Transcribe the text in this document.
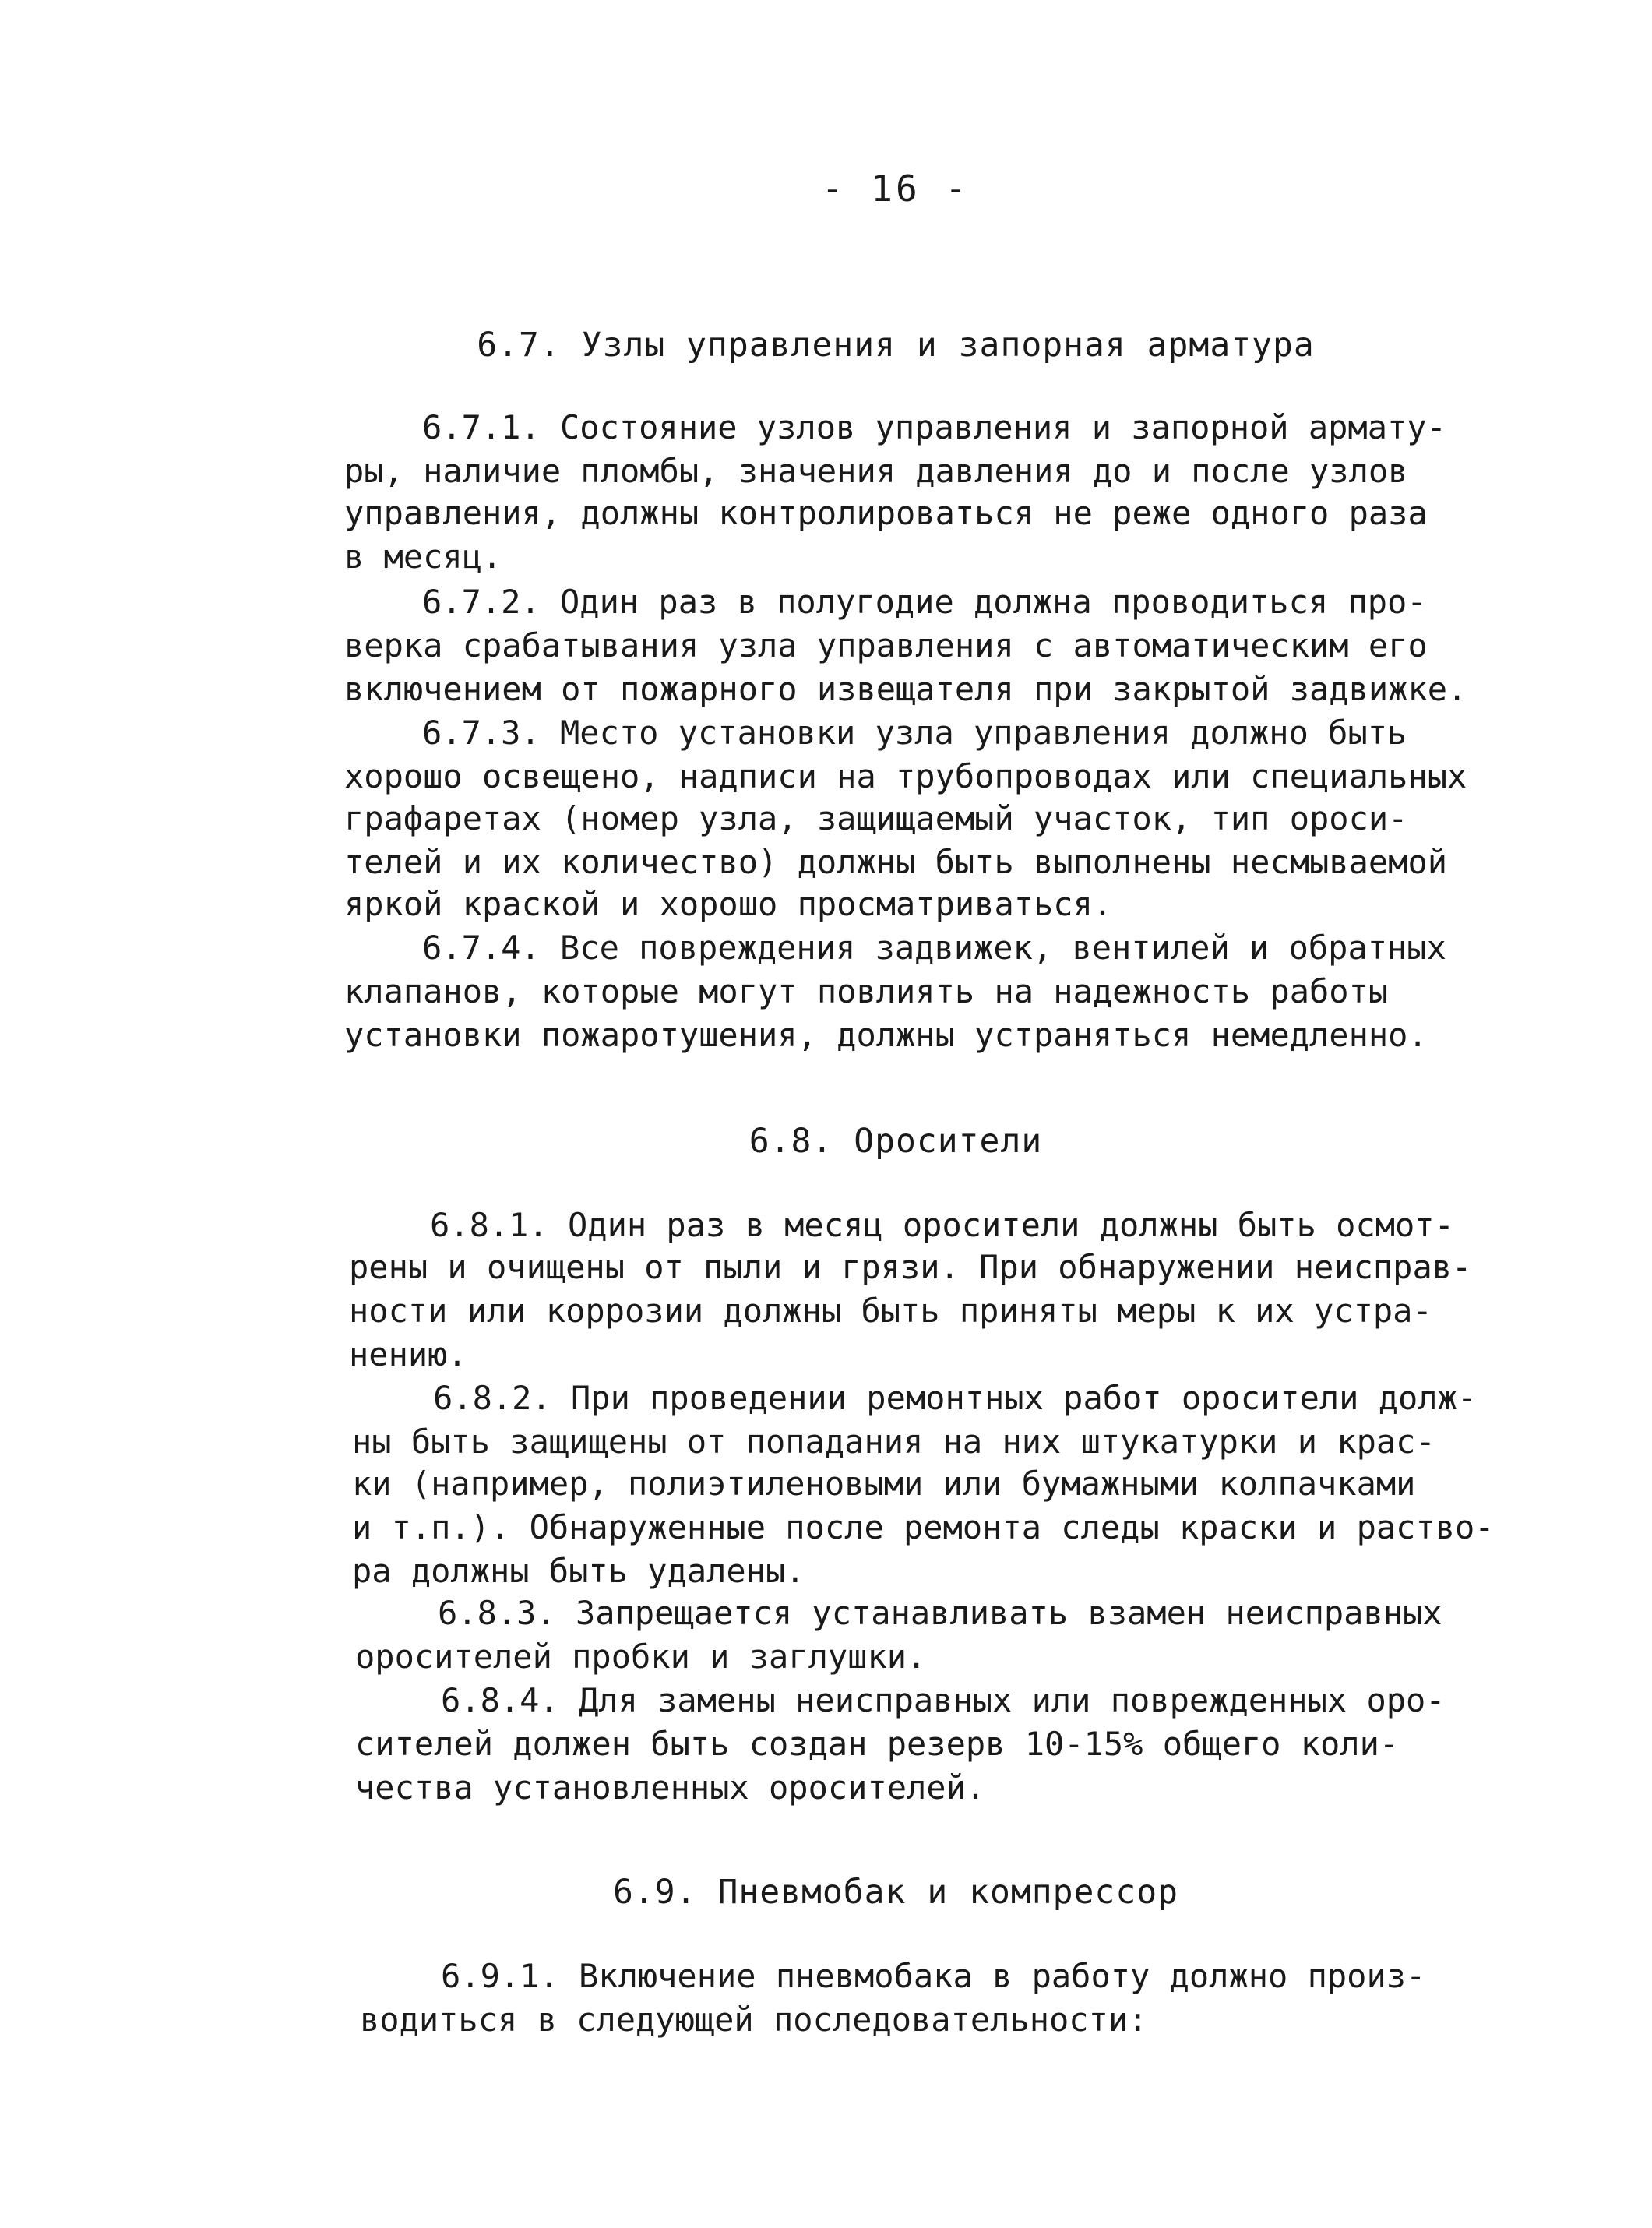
- 16 -
6.7. Узлы управления и запорная арматура
6.7.1. Состояние узлов управления и запорной армату-
ры, наличие пломбы, значения давления до и после узлов
управления, должны контролироваться не реже одного раза
в месяц.
6.7.2. Один раз в полугодие должна проводиться про-
верка срабатывания узла управления с автоматическим его
включением от пожарного извещателя при закрытой задвижке.
6.7.3. Место установки узла управления должно быть
хорошо освещено, надписи на трубопроводах или специальных
графаретах (номер узла, защищаемый участок, тип ороси-
телей и их количество) должны быть выполнены несмываемой
яркой краской и хорошо просматриваться.
6.7.4. Все повреждения задвижек, вентилей и обратных
клапанов, которые могут повлиять на надежность работы
установки пожаротушения, должны устраняться немедленно.
6.8. Оросители
6.8.1. Один раз в месяц оросители должны быть осмот-
рены и очищены от пыли и грязи. При обнаружении неисправ-
ности или коррозии должны быть приняты меры к их устра-
нению.
6.8.2. При проведении ремонтных работ оросители долж-
ны быть защищены от попадания на них штукатурки и крас-
ки (например, полиэтиленовыми или бумажными колпачками
и т.п.). Обнаруженные после ремонта следы краски и раство-
ра должны быть удалены.
6.8.3. Запрещается устанавливать взамен неисправных
оросителей пробки и заглушки.
6.8.4. Для замены неисправных или поврежденных оро-
сителей должен быть создан резерв 10-15% общего коли-
чества установленных оросителей.
6.9. Пневмобак и компрессор
6.9.1. Включение пневмобака в работу должно произ-
водиться в следующей последовательности:
